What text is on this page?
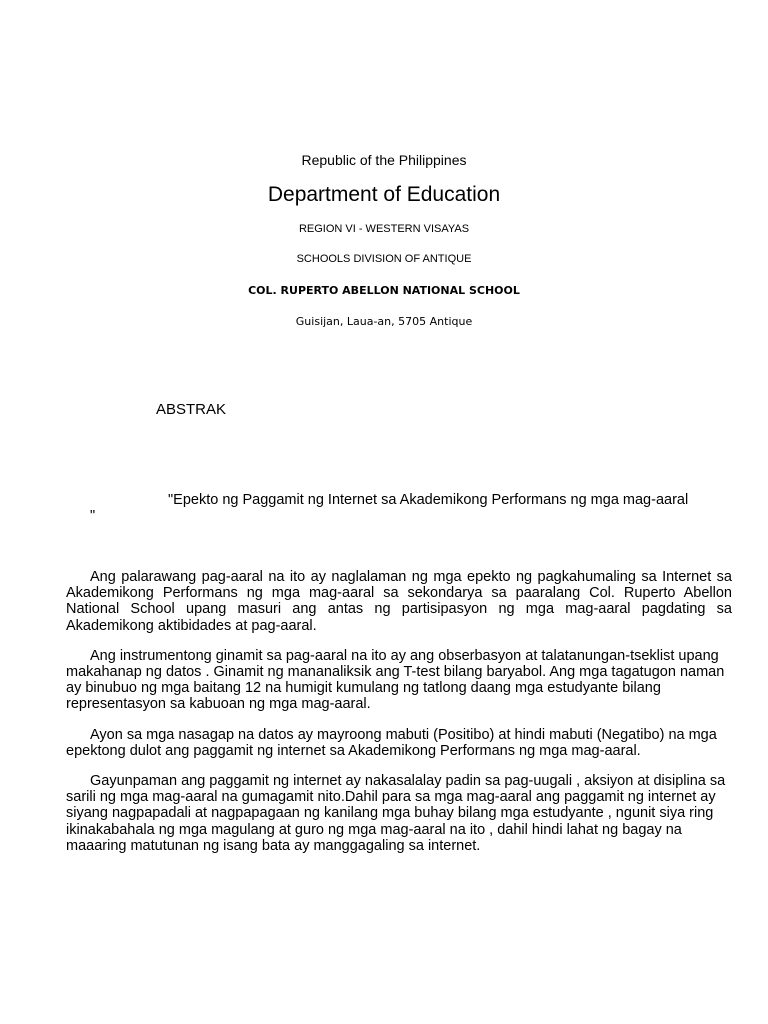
Republic of the Philippines

Department of Education

REGION VI - WESTERN VISAYAS

SCHOOLS DIVISION OF ANTIQUE

COL. RUPERTO ABELLON NATIONAL SCHOOL

Guisijan, Laua-an, 5705 Antique

ABSTRAK

"Epekto ng Paggamit ng Internet sa Akademikong Performans ng mga mag-aaral

"

Ang palarawang pag-aaral na ito ay naglalaman ng mga epekto ng pagkahumaling sa Internet sa Akademikong Performans ng mga mag-aaral sa sekondarya sa paaralang Col. Ruperto Abellon National School upang masuri ang antas ng partisipasyon ng mga mag-aaral pagdating sa Akademikong aktibidades at pag-aaral.

Ang instrumentong ginamit sa pag-aaral na ito ay ang obserbasyon at talatanungan-tseklist upang makahanap ng datos . Ginamit ng mananaliksik ang T-test bilang baryabol. Ang mga tagatugon naman ay binubuo ng mga baitang 12 na humigit kumulang ng tatlong daang mga estudyante bilang representasyon sa kabuoan ng mga mag-aaral.

Ayon sa mga nasagap na datos ay mayroong mabuti (Positibo) at hindi mabuti (Negatibo) na mga epektong dulot ang paggamit ng internet sa Akademikong Performans ng mga mag-aaral.

Gayunpaman ang paggamit ng internet ay nakasalalay padin sa pag-uugali , aksiyon at disiplina sa sarili ng mga mag-aaral na gumagamit nito.Dahil para sa mga mag-aaral ang paggamit ng internet ay siyang nagpapadali at nagpapagaan ng kanilang mga buhay bilang mga estudyante , ngunit siya ring ikinakabahala ng mga magulang at guro ng mga mag-aaral na ito , dahil hindi lahat ng bagay na maaaring matutunan ng isang bata ay manggagaling sa internet.
